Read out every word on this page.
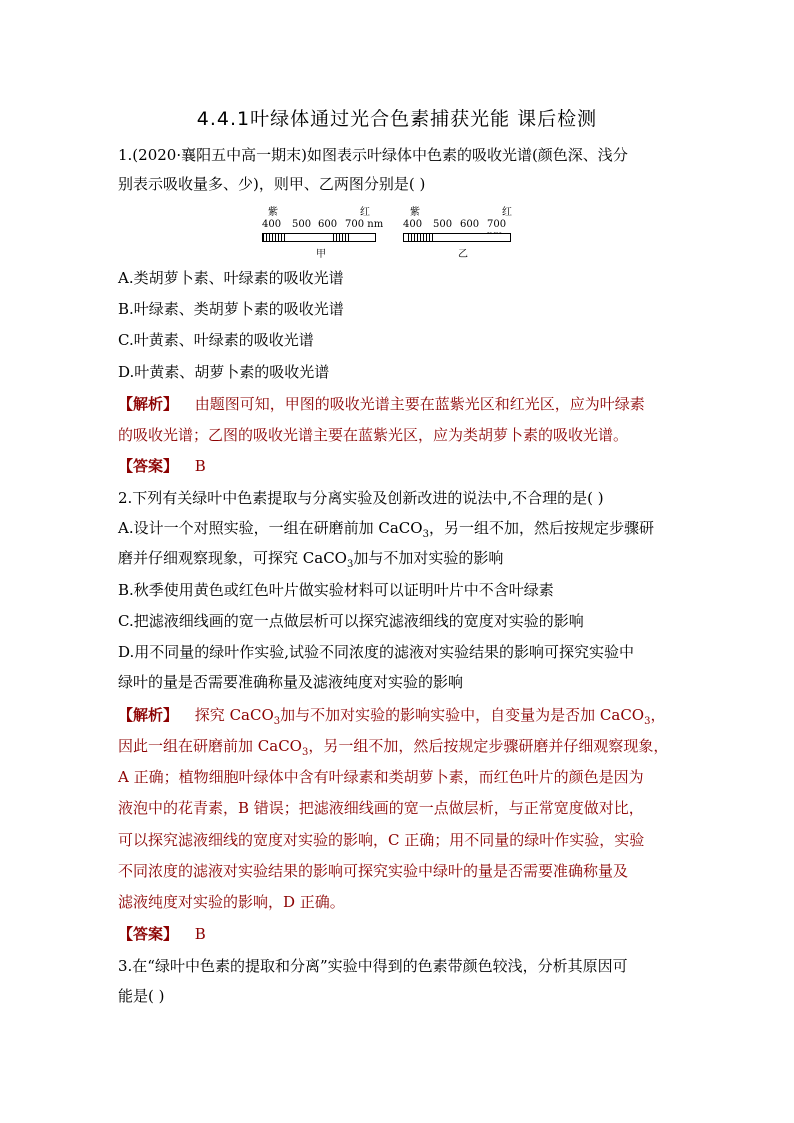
4.4.1叶绿体通过光合色素捕获光能 课后检测
1.(2020·襄阳五中高一期末)如图表示叶绿体中色素的吸收光谱(颜色深、浅分
别表示吸收量多、少)，则甲、乙两图分别是( )
紫	红
400 500 600 700 nm
甲
紫	红
400 500 600 700
乙
A.类胡萝卜素、叶绿素的吸收光谱
B.叶绿素、类胡萝卜素的吸收光谱
C.叶黄素、叶绿素的吸收光谱
D.叶黄素、胡萝卜素的吸收光谱
【解析】 由题图可知，甲图的吸收光谱主要在蓝紫光区和红光区，应为叶绿素
的吸收光谱；乙图的吸收光谱主要在蓝紫光区，应为类胡萝卜素的吸收光谱。
【答案】 B
2.下列有关绿叶中色素提取与分离实验及创新改进的说法中,不合理的是( )
A.设计一个对照实验，一组在研磨前加 CaCO$_3$，另一组不加，然后按规定步骤研
磨并仔细观察现象，可探究 CaCO$_3$加与不加对实验的影响
B.秋季使用黄色或红色叶片做实验材料可以证明叶片中不含叶绿素
C.把滤液细线画的宽一点做层析可以探究滤液细线的宽度对实验的影响
D.用不同量的绿叶作实验,试验不同浓度的滤液对实验结果的影响可探究实验中
绿叶的量是否需要准确称量及滤液纯度对实验的影响
【解析】 探究 CaCO$_3$加与不加对实验的影响实验中，自变量为是否加 CaCO$_3$，
因此一组在研磨前加 CaCO$_3$，另一组不加，然后按规定步骤研磨并仔细观察现象，
A 正确；植物细胞叶绿体中含有叶绿素和类胡萝卜素，而红色叶片的颜色是因为
液泡中的花青素，B 错误；把滤液细线画的宽一点做层析，与正常宽度做对比，
可以探究滤液细线的宽度对实验的影响，C 正确；用不同量的绿叶作实验，实验
不同浓度的滤液对实验结果的影响可探究实验中绿叶的量是否需要准确称量及
滤液纯度对实验的影响，D 正确。
【答案】 B
3.在“绿叶中色素的提取和分离”实验中得到的色素带颜色较浅，分析其原因可
能是( )
